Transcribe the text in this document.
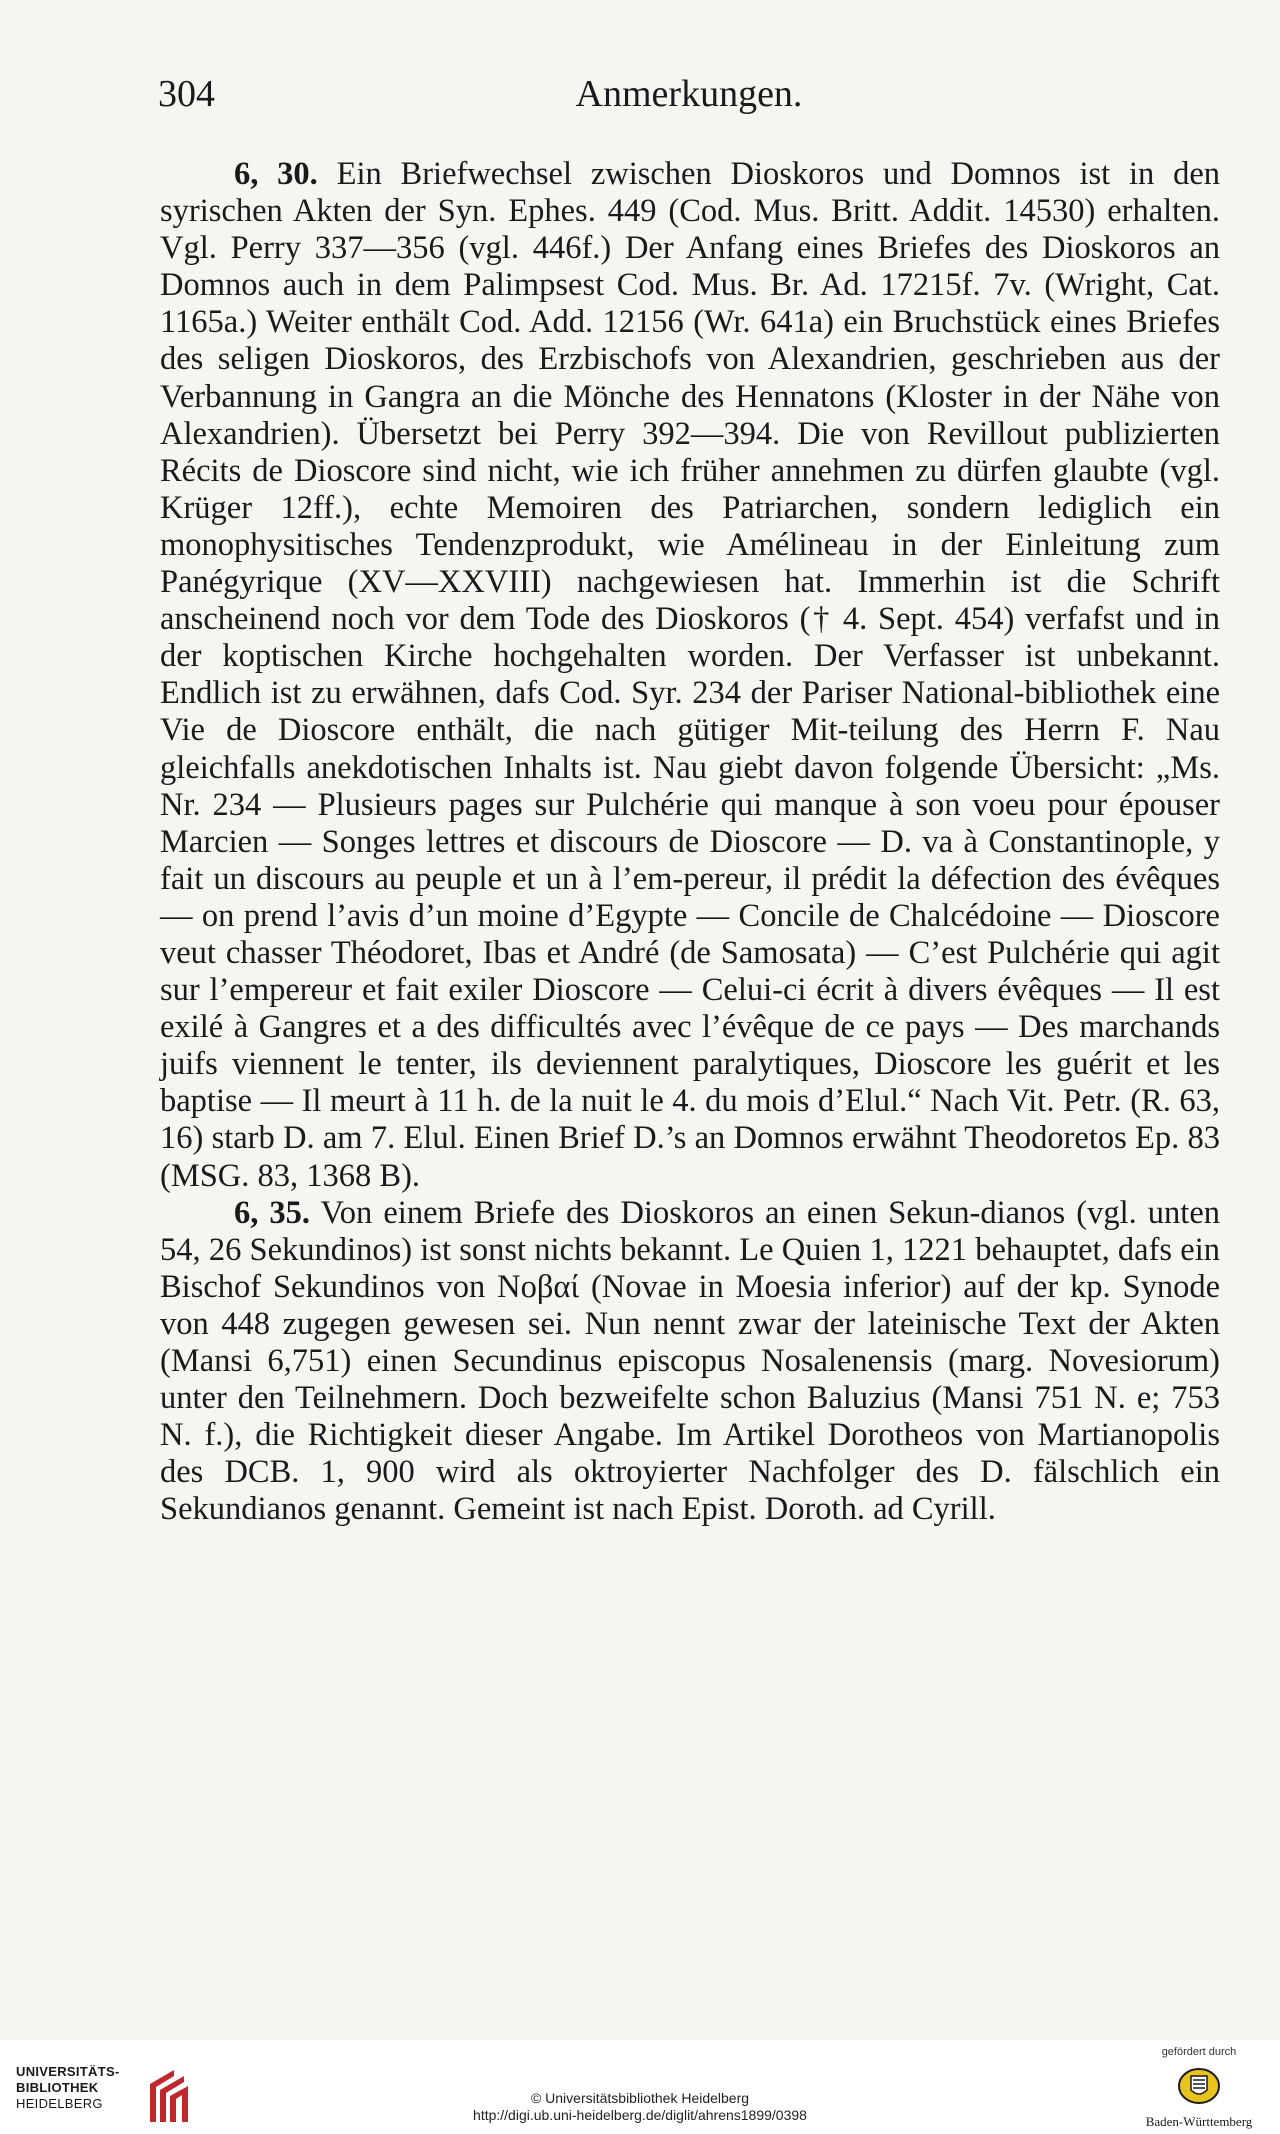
304	Anmerkungen.

6, 30. Ein Briefwechsel zwischen Dioskoros und Domnos ist in den syrischen Akten der Syn. Ephes. 449 (Cod. Mus. Britt. Addit. 14530) erhalten. Vgl. Perry 337—356 (vgl. 446f.) Der Anfang eines Briefes des Dioskoros an Domnos auch in dem Palimpsest Cod. Mus. Br. Ad. 17215f. 7v. (Wright, Cat. 1165a.) Weiter enthält Cod. Add. 12156 (Wr. 641a) ein Bruchstück eines Briefes des seligen Dioskoros, des Erzbischofs von Alexandrien, geschrieben aus der Verbannung in Gangra an die Mönche des Hennatons (Kloster in der Nähe von Alexandrien). Übersetzt bei Perry 392—394. Die von Revillout publizierten Récits de Dioscore sind nicht, wie ich früher annehmen zu dürfen glaubte (vgl. Krüger 12ff.), echte Memoiren des Patriarchen, sondern lediglich ein monophysitisches Tendenzprodukt, wie Amélineau in der Einleitung zum Panégyrique (XV—XXVIII) nachgewiesen hat. Immerhin ist die Schrift anscheinend noch vor dem Tode des Dioskoros († 4. Sept. 454) verfafst und in der koptischen Kirche hochgehalten worden. Der Verfasser ist unbekannt. Endlich ist zu erwähnen, dafs Cod. Syr. 234 der Pariser National-bibliothek eine Vie de Dioscore enthält, die nach gütiger Mit-teilung des Herrn F. Nau gleichfalls anekdotischen Inhalts ist. Nau giebt davon folgende Übersicht: „Ms. Nr. 234 — Plusieurs pages sur Pulchérie qui manque à son voeu pour épouser Marcien — Songes lettres et discours de Dioscore — D. va à Constantinople, y fait un discours au peuple et un à l’em-pereur, il prédit la défection des évêques — on prend l’avis d’un moine d’Egypte — Concile de Chalcédoine — Dioscore veut chasser Théodoret, Ibas et André (de Samosata) — C’est Pulchérie qui agit sur l’empereur et fait exiler Dioscore — Celui-ci écrit à divers évêques — Il est exilé à Gangres et a des difficultés avec l’évêque de ce pays — Des marchands juifs viennent le tenter, ils deviennent paralytiques, Dioscore les guérit et les baptise — Il meurt à 11 h. de la nuit le 4. du mois d’Elul.“ Nach Vit. Petr. (R. 63, 16) starb D. am 7. Elul. Einen Brief D.’s an Domnos erwähnt Theodoretos Ep. 83 (MSG. 83, 1368 B).

6, 35. Von einem Briefe des Dioskoros an einen Sekun-dianos (vgl. unten 54, 26 Sekundinos) ist sonst nichts bekannt. Le Quien 1, 1221 behauptet, dafs ein Bischof Sekundinos von Νοβαί (Novae in Moesia inferior) auf der kp. Synode von 448 zugegen gewesen sei. Nun nennt zwar der lateinische Text der Akten (Mansi 6,751) einen Secundinus episcopus Nosalenensis (marg. Novesiorum) unter den Teilnehmern. Doch bezweifelte schon Baluzius (Mansi 751 N. e; 753 N. f.), die Richtigkeit dieser Angabe. Im Artikel Dorotheos von Martianopolis des DCB. 1, 900 wird als oktroyierter Nachfolger des D. fälschlich ein Sekundianos genannt. Gemeint ist nach Epist. Doroth. ad Cyrill.

UNIVERSITÄTS-
BIBLIOTHEK
HEIDELBERG	© Universitätsbibliothek Heidelberg
http://digi.ub.uni-heidelberg.de/diglit/ahrens1899/0398
gefördert durch
Baden-Württemberg
